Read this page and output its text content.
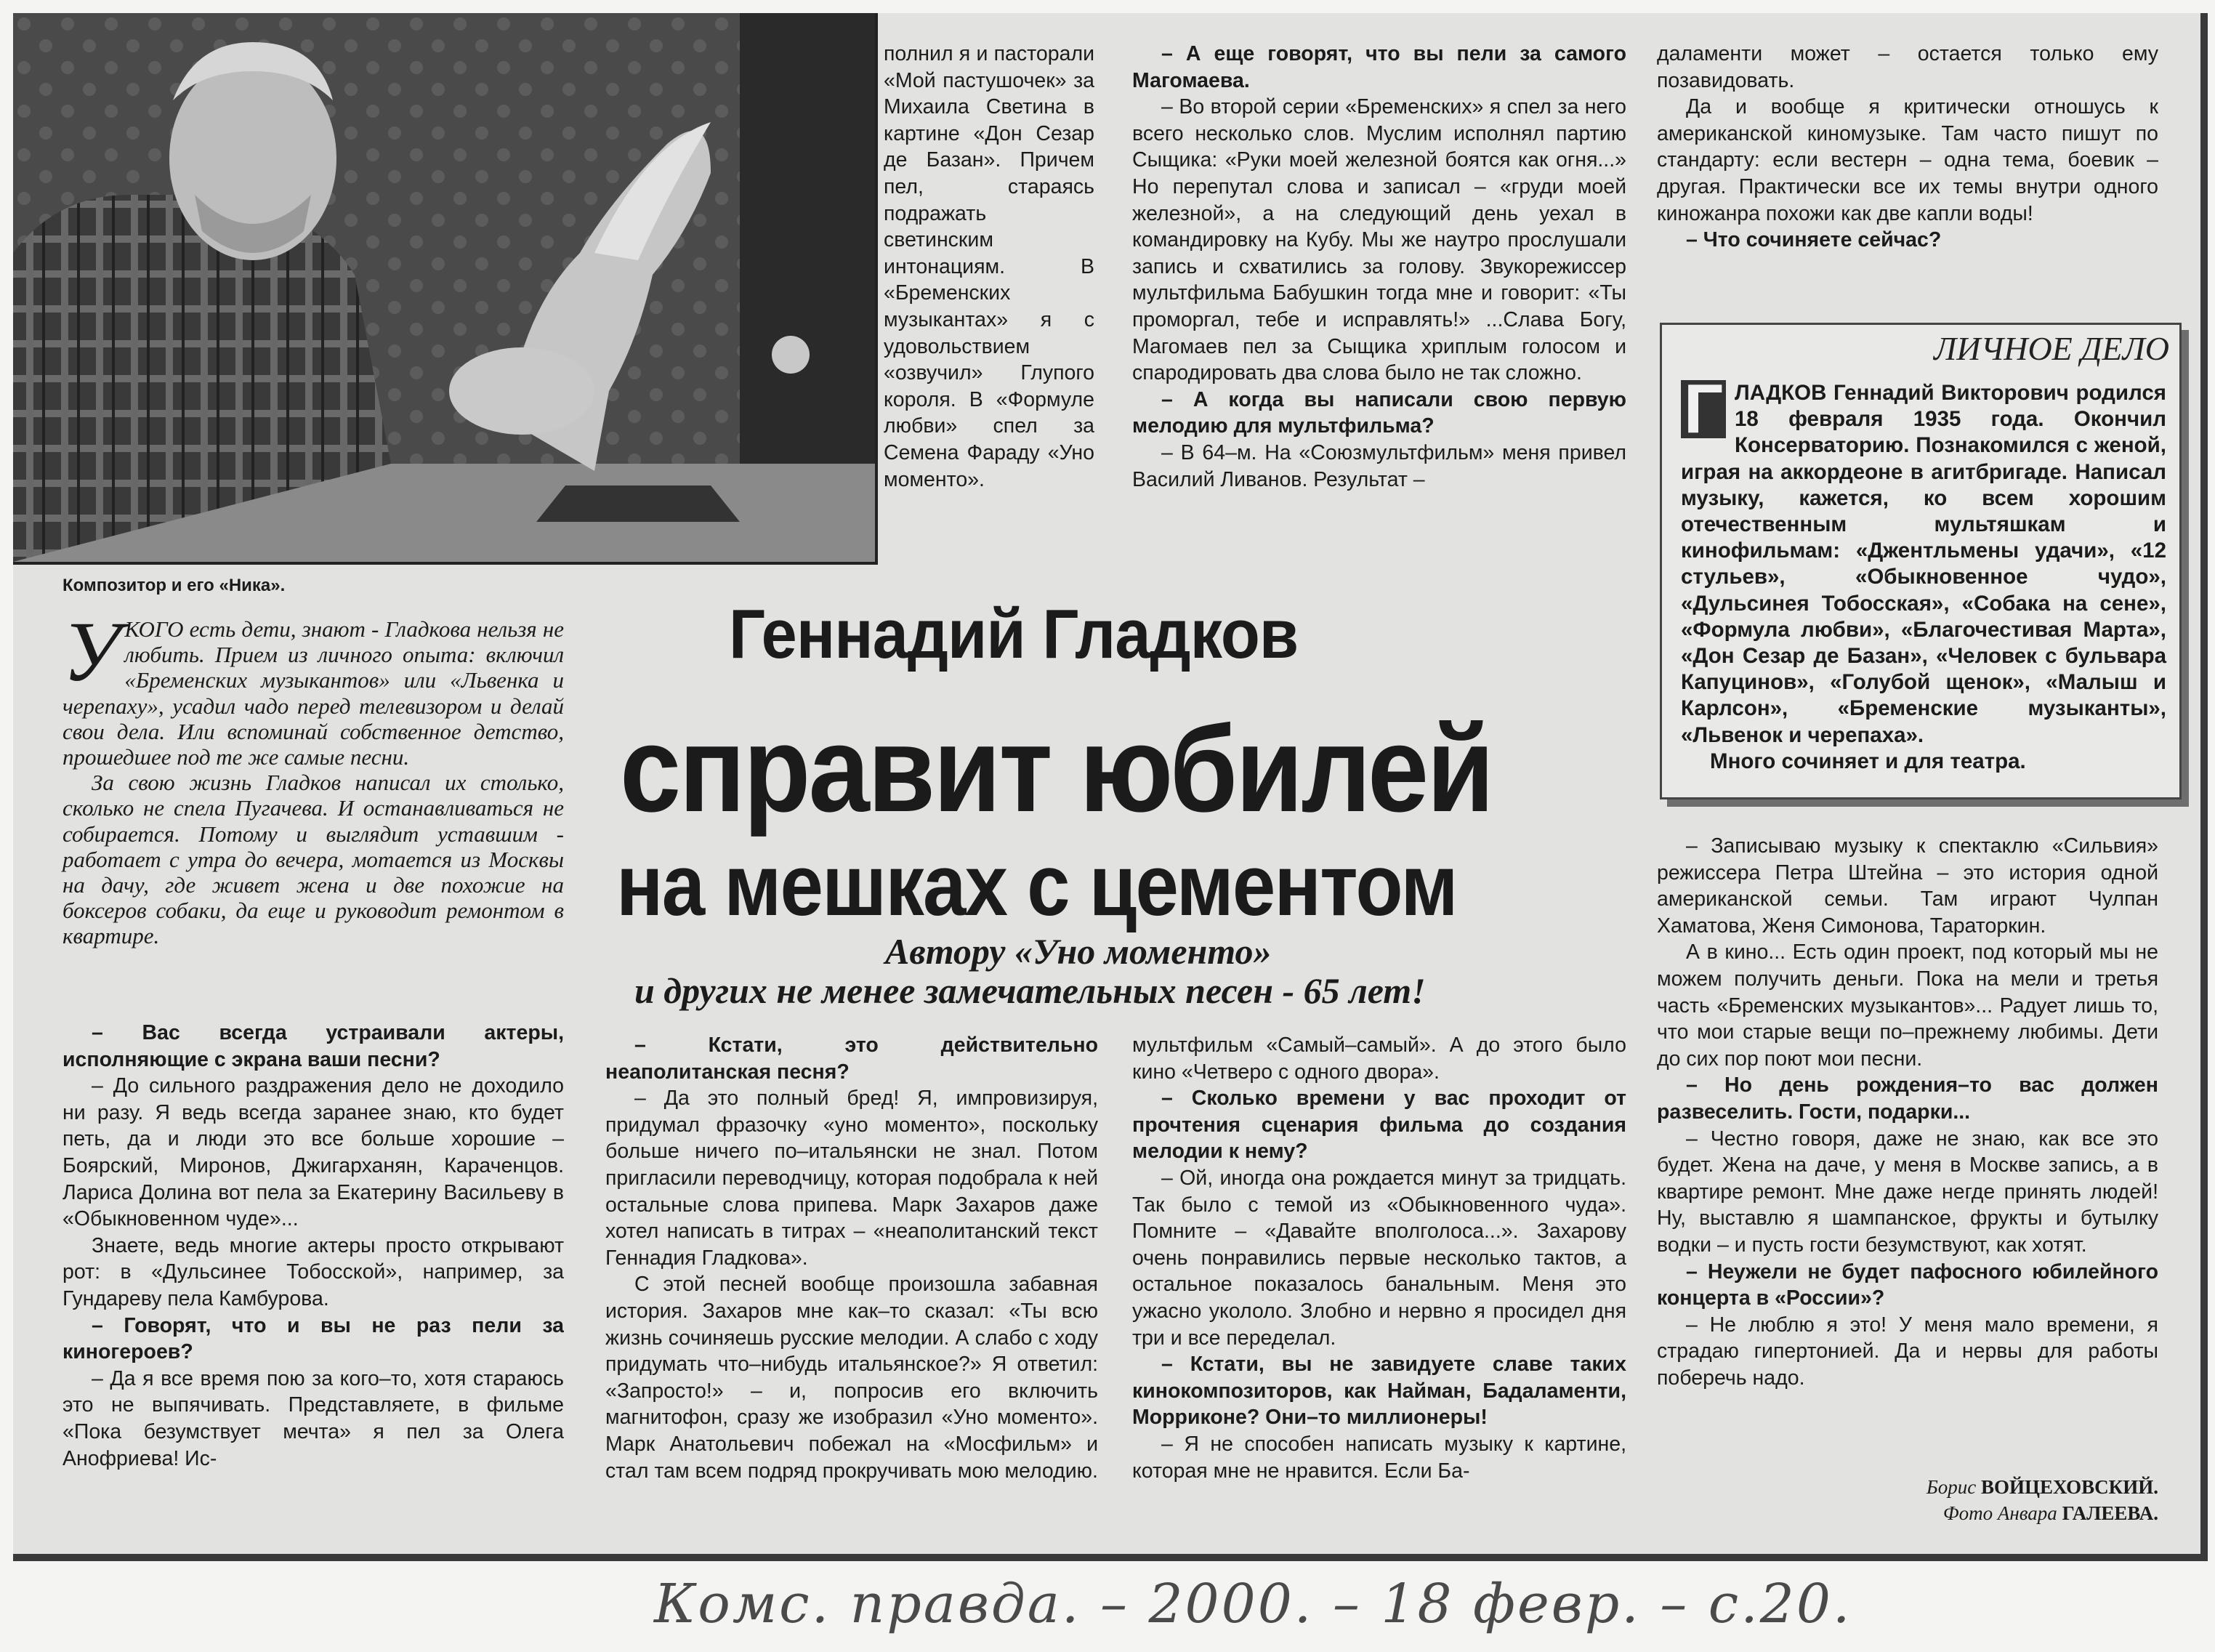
Композитор и его «Ника».
У КОГО есть дети, знают - Гладкова нельзя не любить. Прием из личного опыта: включил «Бременских музыкантов» или «Львенка и черепаху», усадил чадо перед телевизором и делай свои дела. Или вспоминай собственное детство, прошедшее под те же самые песни.

За свою жизнь Гладков написал их столько, сколько не спела Пугачева. И останавливаться не собирается. Потому и выглядит уставшим - работает с утра до вечера, мотается из Москвы на дачу, где живет жена и две похожие на боксеров собаки, да еще и руководит ремонтом в квартире.

– Вас всегда устраивали актеры, исполняющие с экрана ваши песни?

– До сильного раздражения дело не доходило ни разу. Я ведь всегда заранее знаю, кто будет петь, да и люди это все больше хорошие – Боярский, Миронов, Джигарханян, Караченцов. Лариса Долина вот пела за Екатерину Васильеву в «Обыкновенном чуде»...

Знаете, ведь многие актеры просто открывают рот: в «Дульсинее Тобосской», например, за Гундареву пела Камбурова.

– Говорят, что и вы не раз пели за киногероев?

– Да я все время пою за кого–то, хотя стараюсь это не выпячивать. Представляете, в фильме «Пока безумствует мечта» я пел за Олега Анофриева! Ис-

полнил я и пасторали «Мой пастушочек» за Михаила Светина в картине «Дон Сезар де Базан». Причем пел, стараясь подражать светинским интонациям. В «Бременских музыкантах» я с удовольствием «озвучил» Глупого короля. В «Формуле любви» спел за Семена Фараду «Уно моменто».

– А еще говорят, что вы пели за самого Магомаева.

– Во второй серии «Бременских» я спел за него всего несколько слов. Муслим исполнял партию Сыщика: «Руки моей железной боятся как огня...» Но перепутал слова и записал – «груди моей железной», а на следующий день уехал в командировку на Кубу. Мы же наутро прослушали запись и схватились за голову. Звукорежиссер мультфильма Бабушкин тогда мне и говорит: «Ты проморгал, тебе и исправлять!» ...Слава Богу, Магомаев пел за Сыщика хриплым голосом и спародировать два слова было не так сложно.

– А когда вы написали свою первую мелодию для мультфильма?

– В 64–м. На «Союзмультфильм» меня привел Василий Ливанов. Результат –

даламенти может – остается только ему позавидовать.

Да и вообще я критически отношусь к американской киномузыке. Там часто пишут по стандарту: если вестерн – одна тема, боевик – другая. Практически все их темы внутри одного киножанра похожи как две капли воды!

– Что сочиняете сейчас?

Геннадий Гладков
справит юбилей
на мешках с цементом
Автору «Уно моменто»
и других не менее замечательных песен - 65 лет!

– Кстати, это действительно неаполитанская песня?

– Да это полный бред! Я, импровизируя, придумал фразочку «уно моменто», поскольку больше ничего по–итальянски не знал. Потом пригласили переводчицу, которая подобрала к ней остальные слова припева. Марк Захаров даже хотел написать в титрах – «неаполитанский текст Геннадия Гладкова».

С этой песней вообще произошла забавная история. Захаров мне как–то сказал: «Ты всю жизнь сочиняешь русские мелодии. А слабо с ходу придумать что–нибудь итальянское?» Я ответил: «Запросто!» – и, попросив его включить магнитофон, сразу же изобразил «Уно моменто». Марк Анатольевич побежал на «Мосфильм» и стал там всем подряд прокручивать мою мелодию.

мультфильм «Самый–самый». А до этого было кино «Четверо с одного двора».

– Сколько времени у вас проходит от прочтения сценария фильма до создания мелодии к нему?

– Ой, иногда она рождается минут за тридцать. Так было с темой из «Обыкновенного чуда». Помните – «Давайте вполголоса...». Захарову очень понравились первые несколько тактов, а остальное показалось банальным. Меня это ужасно укололо. Злобно и нервно я просидел дня три и все переделал.

– Кстати, вы не завидуете славе таких кинокомпозиторов, как Найман, Бадаламенти, Морриконе? Они–то миллионеры!

– Я не способен написать музыку к картине, которая мне не нравится. Если Ба-

– Записываю музыку к спектаклю «Сильвия» режиссера Петра Штейна – это история одной американской семьи. Там играют Чулпан Хаматова, Женя Симонова, Тараторкин.

А в кино... Есть один проект, под который мы не можем получить деньги. Пока на мели и третья часть «Бременских музыкантов»... Радует лишь то, что мои старые вещи по–прежнему любимы. Дети до сих пор поют мои песни.

– Но день рождения–то вас должен развеселить. Гости, подарки...

– Честно говоря, даже не знаю, как все это будет. Жена на даче, у меня в Москве запись, а в квартире ремонт. Мне даже негде принять людей! Ну, выставлю я шампанское, фрукты и бутылку водки – и пусть гости безумствуют, как хотят.

– Неужели не будет пафосного юбилейного концерта в «России»?

– Не люблю я это! У меня мало времени, я страдаю гипертонией. Да и нервы для работы поберечь надо.

ЛИЧНОЕ ДЕЛО
Г ЛАДКОВ Геннадий Викторович родился 18 февраля 1935 года. Окончил Консерваторию. Познакомился с женой, играя на аккордеоне в агитбригаде. Написал музыку, кажется, ко всем хорошим отечественным мультяшкам и кинофильмам: «Джентльмены удачи», «12 стульев», «Обыкновенное чудо», «Дульсинея Тобосская», «Собака на сене», «Формула любви», «Благочестивая Марта», «Дон Сезар де Базан», «Человек с бульвара Капуцинов», «Голубой щенок», «Малыш и Карлсон», «Бременские музыканты», «Львенок и черепаха».

Много сочиняет и для театра.

Борис ВОЙЦЕХОВСКИЙ.
Фото Анвара ГАЛЕЕВА.
Комс. правда. – 2000. – 18 февр. – с.20.
